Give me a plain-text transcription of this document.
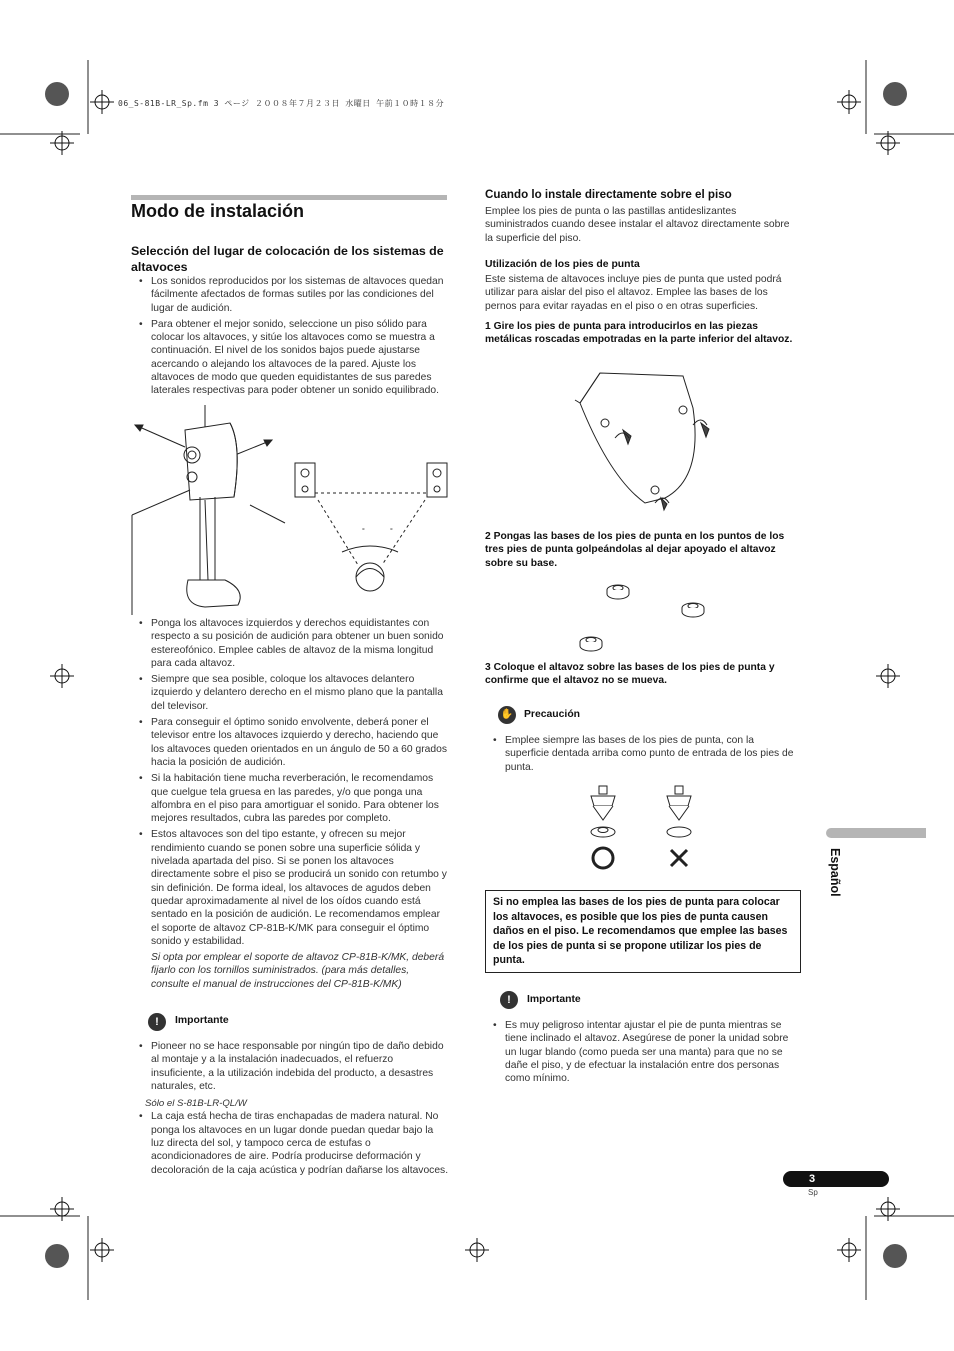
06_S-81B-LR_Sp.fm 3 ページ ２００８年７月２３日 水曜日 午前１０時１８分
Modo de instalación
Selección del lugar de colocación de los sistemas de altavoces
• Los sonidos reproducidos por los sistemas de altavoces quedan fácilmente afectados de formas sutiles por las condiciones del lugar de audición.
• Para obtener el mejor sonido, seleccione un piso sólido para colocar los altavoces, y sitúe los altavoces como se muestra a continuación. El nivel de los sonidos bajos puede ajustarse acercando o alejando los altavoces de la pared. Ajuste los altavoces de modo que queden equidistantes de sus paredes laterales respectivas para poder obtener un sonido equilibrado.
°	°
• Ponga los altavoces izquierdos y derechos equidistantes con respecto a su posición de audición para obtener un buen sonido estereofónico. Emplee cables de altavoz de la misma longitud para cada altavoz.
• Siempre que sea posible, coloque los altavoces delantero izquierdo y delantero derecho en el mismo plano que la pantalla del televisor.
• Para conseguir el óptimo sonido envolvente, deberá poner el televisor entre los altavoces izquierdo y derecho, haciendo que los altavoces queden orientados en un ángulo de 50 a 60 grados hacia la posición de audición.
• Si la habitación tiene mucha reverberación, le recomendamos que cuelgue tela gruesa en las paredes, y/o que ponga una alfombra en el piso para amortiguar el sonido. Para obtener los mejores resultados, cubra las paredes por completo.
• Estos altavoces son del tipo estante, y ofrecen su mejor rendimiento cuando se ponen sobre una superficie sólida y nivelada apartada del piso. Si se ponen los altavoces directamente sobre el piso se producirá un sonido con retumbo y sin definición. De forma ideal, los altavoces de agudos deben quedar aproximadamente al nivel de los oídos cuando está sentado en la posición de audición. Le recomendamos emplear el soporte de altavoz CP-81B-K/MK para conseguir el óptimo sonido y estabilidad.
Si opta por emplear el soporte de altavoz CP-81B-K/MK, deberá fijarlo con los tornillos suministrados. (para más detalles, consulte el manual de instrucciones del CP-81B-K/MK)
!	Importante
• Pioneer no se hace responsable por ningún tipo de daño debido al montaje y a la instalación inadecuados, el refuerzo insuficiente, a la utilización indebida del producto, a desastres naturales, etc.
Sólo el S-81B-LR-QL/W
• La caja está hecha de tiras enchapadas de madera natural. No ponga los altavoces en un lugar donde puedan quedar bajo la luz directa del sol, y tampoco cerca de estufas o acondicionadores de aire. Podría producirse deformación y decoloración de la caja acústica y podrían dañarse los altavoces.
Cuando lo instale directamente sobre el piso
Emplee los pies de punta o las pastillas antideslizantes suministrados cuando desee instalar el altavoz directamente sobre la superficie del piso.
Utilización de los pies de punta
Este sistema de altavoces incluye pies de punta que usted podrá utilizar para aislar del piso el altavoz. Emplee las bases de los pernos para evitar rayadas en el piso o en otras superficies.
1 Gire los pies de punta para introducirlos en las piezas metálicas roscadas empotradas en la parte inferior del altavoz.
2 Pongas las bases de los pies de punta en los puntos de los tres pies de punta golpeándolas al dejar apoyado el altavoz sobre su base.
3 Coloque el altavoz sobre las bases de los pies de punta y confirme que el altavoz no se mueva.
✋ Precaución
• Emplee siempre las bases de los pies de punta, con la superficie dentada arriba como punto de entrada de los pies de punta.
Si no emplea las bases de los pies de punta para colocar los altavoces, es posible que los pies de punta causen daños en el piso. Le recomendamos que emplee las bases de los pies de punta si se propone utilizar los pies de punta.
!	Importante
• Es muy peligroso intentar ajustar el pie de punta mientras se tiene inclinado el altavoz. Asegúrese de poner la unidad sobre un lugar blando (como pueda ser una manta) para que no se dañe el piso, y de efectuar la instalación entre dos personas como mínimo.
Español
3
Sp
